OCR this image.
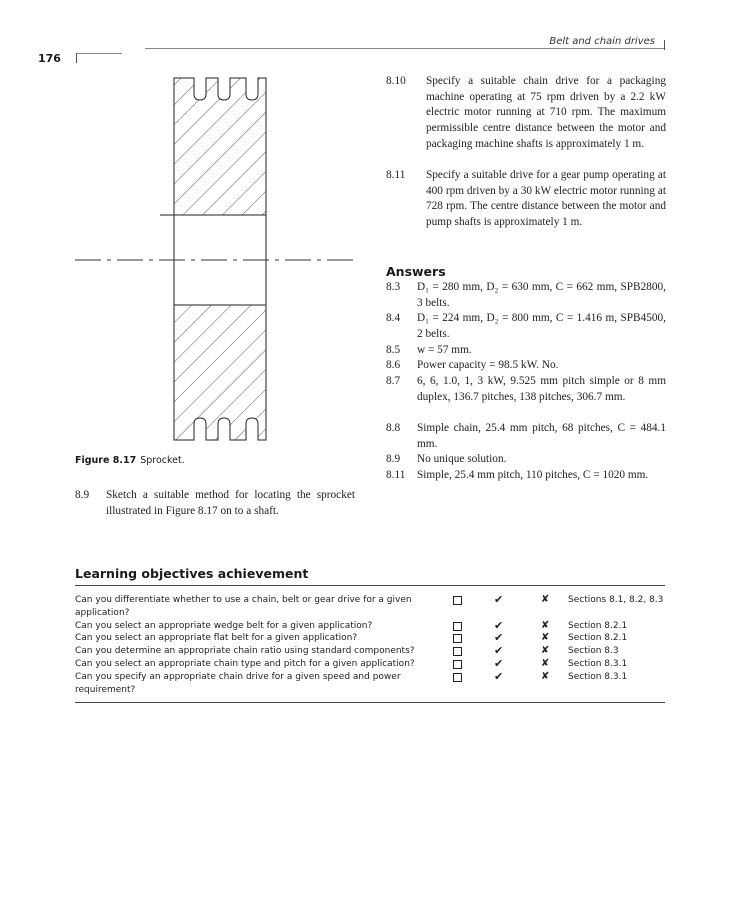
Belt and chain drives
176
Figure 8.17 Sprocket.
8.9 Sketch a suitable method for locating the sprocket illustrated in Figure 8.17 on to a shaft.
8.10 Specify a suitable chain drive for a packaging machine operating at 75 rpm driven by a 2.2 kW electric motor running at 710 rpm. The maximum permissible centre distance between the motor and packaging machine shafts is approximately 1 m.
8.11 Specify a suitable drive for a gear pump operating at 400 rpm driven by a 30 kW electric motor running at 728 rpm. The centre distance between the motor and pump shafts is approximately 1 m.
Answers
8.3 D₁ = 280 mm, D₂ = 630 mm, C = 662 mm, SPB2800, 3 belts.
8.4 D₁ = 224 mm, D₂ = 800 mm, C = 1.416 m, SPB4500, 2 belts.
8.5 w = 57 mm.
8.6 Power capacity = 98.5 kW. No.
8.7 6, 6, 1.0, 1, 3 kW, 9.525 mm pitch simple or 8 mm duplex, 136.7 pitches, 138 pitches, 306.7 mm.
8.8 Simple chain, 25.4 mm pitch, 68 pitches, C = 484.1 mm.
8.9 No unique solution.
8.11 Simple, 25.4 mm pitch, 110 pitches, C = 1020 mm.
Learning objectives achievement
Can you differentiate whether to use a chain, belt or gear drive for a given application?
✔	✘ Sections 8.1, 8.2, 8.3
Can you select an appropriate wedge belt for a given application?	✔	✘ Section 8.2.1
Can you select an appropriate flat belt for a given application?	✔	✘ Section 8.2.1
Can you determine an appropriate chain ratio using standard components?	✔	✘ Section 8.3
Can you select an appropriate chain type and pitch for a given application?	✔	✘ Section 8.3.1
Can you specify an appropriate chain drive for a given speed and power requirement?
✔	✘ Section 8.3.1
